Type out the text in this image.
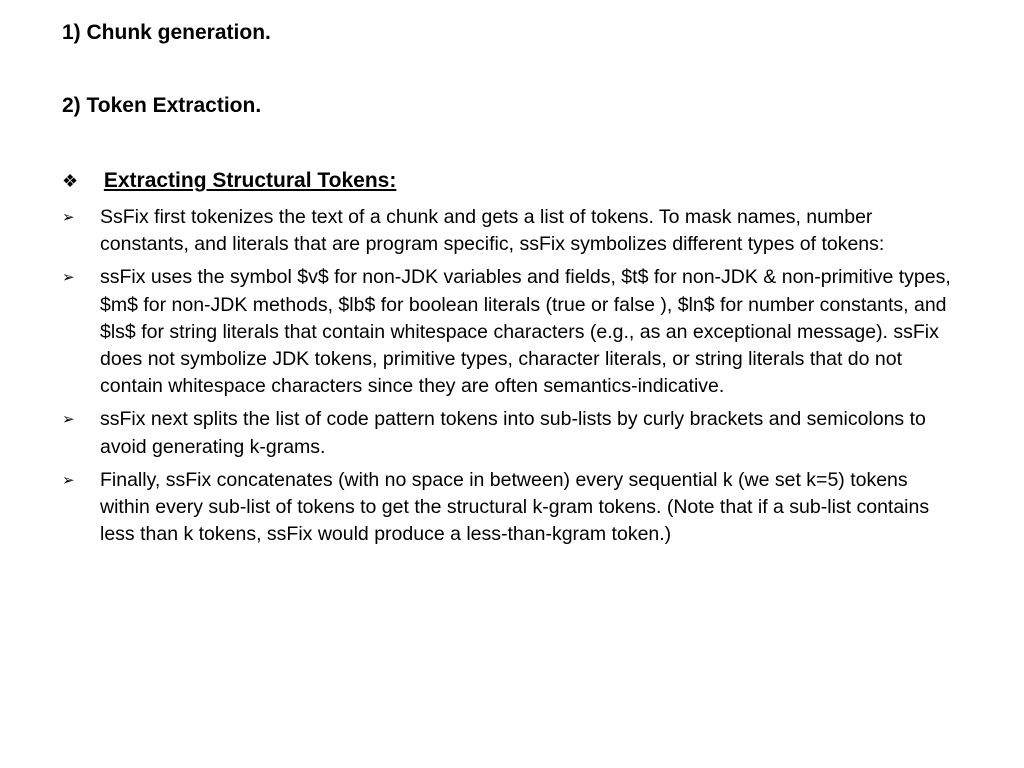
1) Chunk generation.
2) Token Extraction.
❖ Extracting Structural Tokens:
➢	SsFix first tokenizes the text of a chunk and gets a list of tokens. To mask names, number constants, and literals that are program specific, ssFix symbolizes different types of tokens:
➢	ssFix uses the symbol $v$ for non-JDK variables and fields, $t$ for non-JDK & non-primitive types, $m$ for non-JDK methods, $lb$ for boolean literals (true or false ), $ln$ for number constants, and $ls$ for string literals that contain whitespace characters (e.g., as an exceptional message). ssFix does not symbolize JDK tokens, primitive types, character literals, or string literals that do not contain whitespace characters since they are often semantics-indicative.
➢	ssFix next splits the list of code pattern tokens into sub-lists by curly brackets and semicolons to avoid generating k-grams.
➢	Finally, ssFix concatenates (with no space in between) every sequential k (we set k=5) tokens within every sub-list of tokens to get the structural k-gram tokens. (Note that if a sub-list contains less than k tokens, ssFix would produce a less-than-kgram token.)
